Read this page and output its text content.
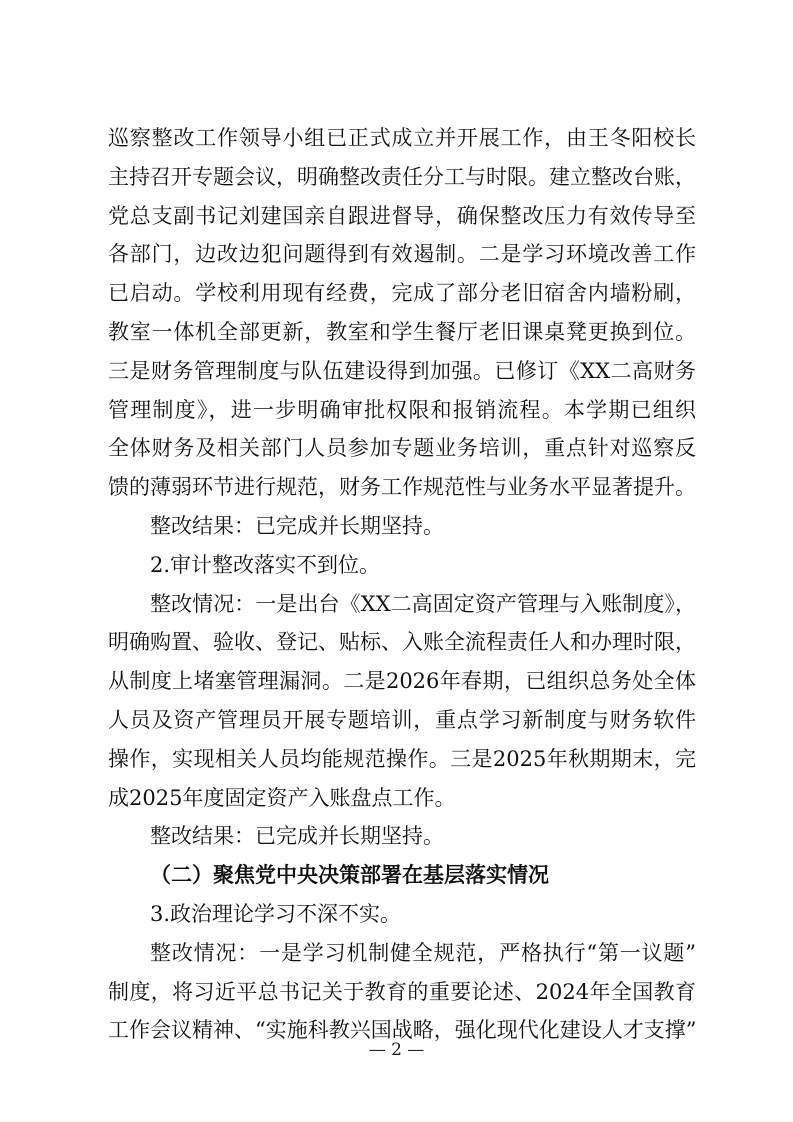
巡察整改工作领导小组已正式成立并开展工作，由王冬阳校长
主持召开专题会议，明确整改责任分工与时限。建立整改台账，
党总支副书记刘建国亲自跟进督导，确保整改压力有效传导至
各部门，边改边犯问题得到有效遏制。二是学习环境改善工作
已启动。学校利用现有经费，完成了部分老旧宿舍内墙粉刷，
教室一体机全部更新，教室和学生餐厅老旧课桌凳更换到位。
三是财务管理制度与队伍建设得到加强。已修订《XX二高财务
管理制度》，进一步明确审批权限和报销流程。本学期已组织
全体财务及相关部门人员参加专题业务培训，重点针对巡察反
馈的薄弱环节进行规范，财务工作规范性与业务水平显著提升。
整改结果：已完成并长期坚持。
2.审计整改落实不到位。
整改情况：一是出台《XX二高固定资产管理与入账制度》，
明确购置、验收、登记、贴标、入账全流程责任人和办理时限，
从制度上堵塞管理漏洞。二是2026年春期，已组织总务处全体
人员及资产管理员开展专题培训，重点学习新制度与财务软件
操作，实现相关人员均能规范操作。三是2025年秋期期末，完
成2025年度固定资产入账盘点工作。
整改结果：已完成并长期坚持。
（二）聚焦党中央决策部署在基层落实情况
3.政治理论学习不深不实。
整改情况：一是学习机制健全规范，严格执行“第一议题”
制度，将习近平总书记关于教育的重要论述、2024年全国教育
工作会议精神、“实施科教兴国战略，强化现代化建设人才支撑”
— 2 —
